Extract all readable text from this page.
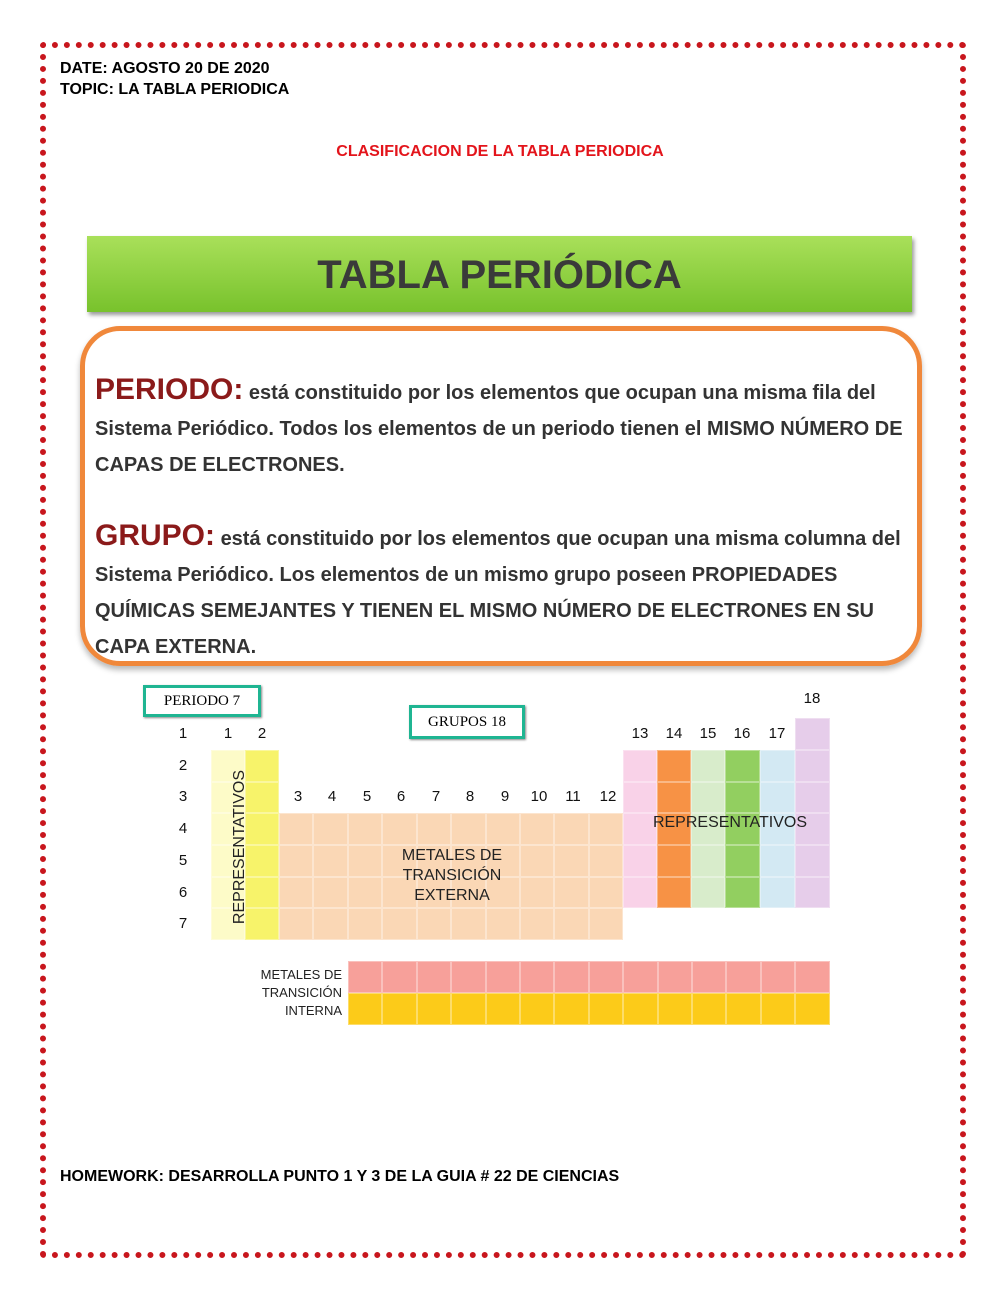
DATE: AGOSTO 20 DE 2020
TOPIC: LA TABLA PERIODICA
CLASIFICACION DE LA TABLA PERIODICA
TABLA PERIÓDICA
PERIODO: está constituido por los elementos que ocupan una misma fila del Sistema Periódico. Todos los elementos de un periodo tienen el MISMO NÚMERO DE CAPAS DE ELECTRONES.
GRUPO: está constituido por los elementos que ocupan una misma columna del Sistema Periódico. Los elementos de un mismo grupo poseen PROPIEDADES QUÍMICAS SEMEJANTES Y TIENEN EL MISMO NÚMERO DE ELECTRONES EN SU CAPA EXTERNA.
1
2
3
4
5
6
7
1	2
3	4	5	6	7	8	9	10	11	12
13	14	15	16	17
18
PERIODO 7
GRUPOS 18
REPRESENTATIVOS	REPRESENTATIVOS
METALES DE
TRANSICIÓN
EXTERNA
METALES DE
TRANSICIÓN
INTERNA
HOMEWORK: DESARROLLA PUNTO 1 Y 3 DE LA GUIA # 22 DE CIENCIAS
